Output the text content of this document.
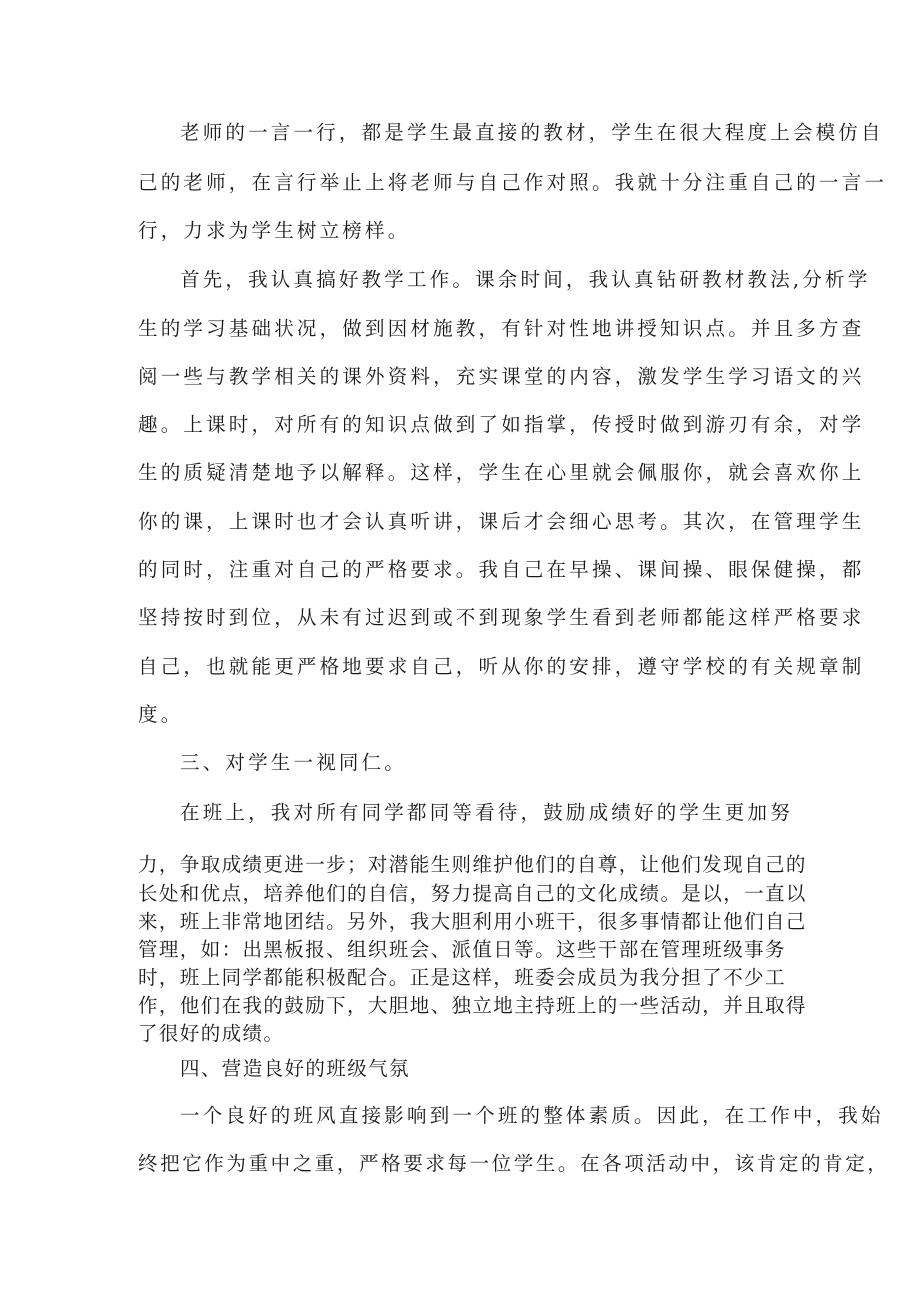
老师的一言一行，都是学生最直接的教材，学生在很大程度上会模仿自
己的老师，在言行举止上将老师与自己作对照。我就十分注重自己的一言一
行，力求为学生树立榜样。
首先，我认真搞好教学工作。课余时间，我认真钻研教材教法,分析学
生的学习基础状况，做到因材施教，有针对性地讲授知识点。并且多方查
阅一些与教学相关的课外资料，充实课堂的内容，激发学生学习语文的兴
趣。上课时，对所有的知识点做到了如指掌，传授时做到游刃有余，对学
生的质疑清楚地予以解释。这样，学生在心里就会佩服你，就会喜欢你上
你的课，上课时也才会认真听讲，课后才会细心思考。其次，在管理学生
的同时，注重对自己的严格要求。我自己在早操、课间操、眼保健操，都
坚持按时到位，从未有过迟到或不到现象学生看到老师都能这样严格要求
自己，也就能更严格地要求自己，听从你的安排，遵守学校的有关规章制
度。
三、对学生一视同仁。
在班上，我对所有同学都同等看待，鼓励成绩好的学生更加努
力，争取成绩更进一步；对潜能生则维护他们的自尊，让他们发现自己的
长处和优点，培养他们的自信，努力提高自己的文化成绩。是以，一直以
来，班上非常地团结。另外，我大胆利用小班干，很多事情都让他们自己
管理，如：出黑板报、组织班会、派值日等。这些干部在管理班级事务
时，班上同学都能积极配合。正是这样，班委会成员为我分担了不少工
作，他们在我的鼓励下，大胆地、独立地主持班上的一些活动，并且取得
了很好的成绩。
四、营造良好的班级气氛
一个良好的班风直接影响到一个班的整体素质。因此，在工作中，我始
终把它作为重中之重，严格要求每一位学生。在各项活动中，该肯定的肯定，
